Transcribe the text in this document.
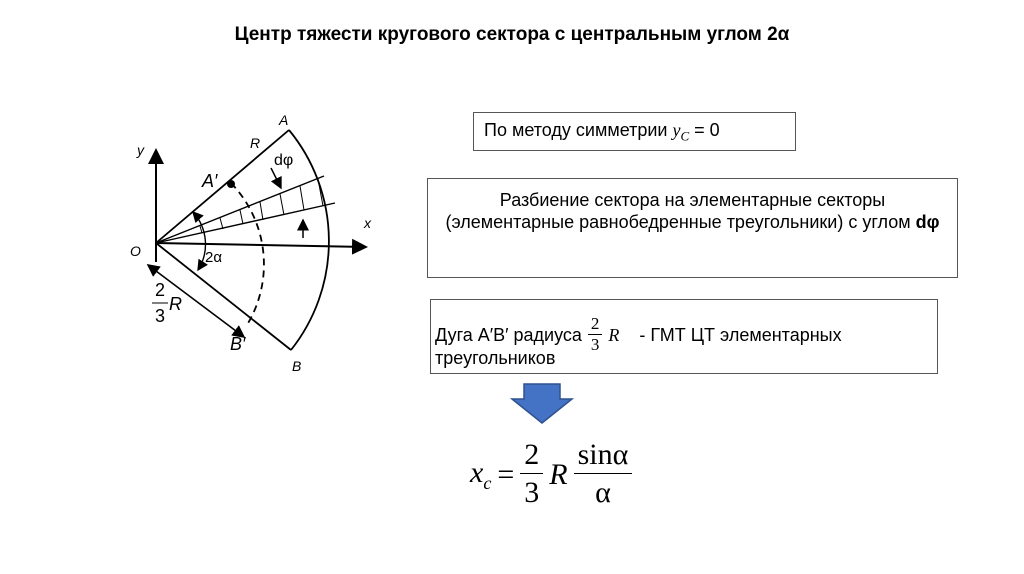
Центр тяжести кругового сектора с центральным углом 2α
A
R
y
x
O
B
dφ
A′
2α
B′
2
3
R
По методу симметрии $y_C = 0$
Разбиение сектора на элементарные секторы (элементарные равнобедренные треугольники) с углом dφ
Дуга A′B′ радиуса $\frac{2}{3}$ R - ГМТ ЦТ элементарных
треугольников
$x_c = \frac{2}{3}$ R $\frac{\sin\alpha}{\alpha}$
